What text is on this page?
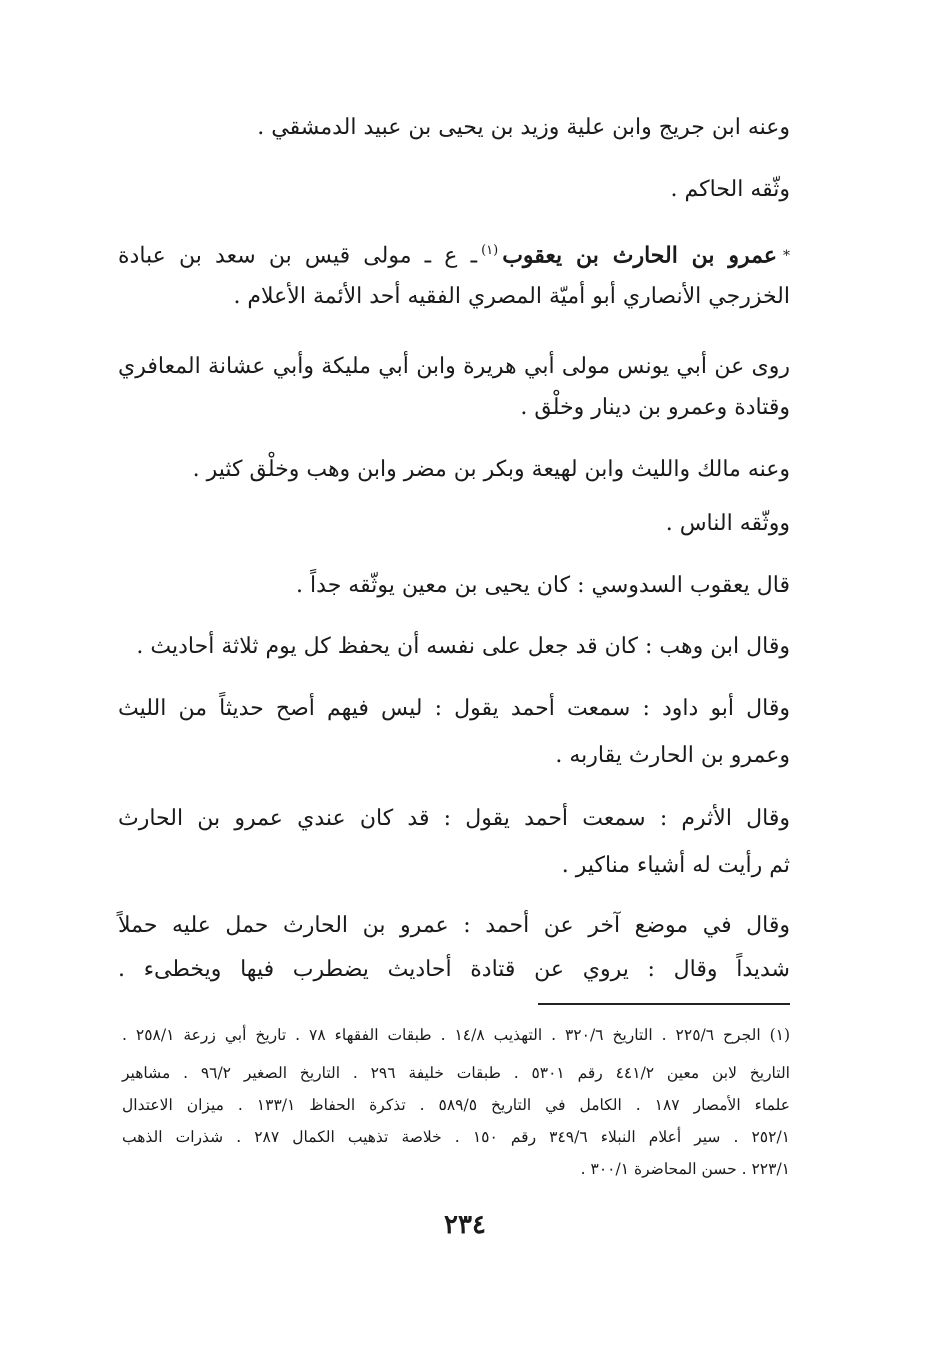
وعنه ابن جريج وابن علية وزيد بن يحيى بن عبيد الدمشقي .
وثّقه الحاكم .
*عمرو بن الحارث بن يعقوب$^{(١)}$ـ ع ـ مولى قيس بن سعد بن عبادة
الخزرجي الأنصاري أبو أميّة المصري الفقيه أحد الأئمة الأعلام .
روى عن أبي يونس مولى أبي هريرة وابن أبي مليكة وأبي عشانة المعافري
وقتادة وعمرو بن دينار وخلْق .
وعنه مالك والليث وابن لهيعة وبكر بن مضر وابن وهب وخلْق كثير .
ووثّقه الناس .
قال يعقوب السدوسي : كان يحيى بن معين يوثّقه جداً .
وقال ابن وهب : كان قد جعل على نفسه أن يحفظ كل يوم ثلاثة أحاديث .
وقال أبو داود : سمعت أحمد يقول : ليس فيهم أصح حديثاً من الليث
وعمرو بن الحارث يقاربه .
وقال الأثرم : سمعت أحمد يقول : قد كان عندي عمرو بن الحارث
ثم رأيت له أشياء مناكير .
وقال في موضع آخر عن أحمد : عمرو بن الحارث حمل عليه حملاً
شديداً وقال : يروي عن قتادة أحاديث يضطرب فيها ويخطىء .
(١) الجرح ٢٢٥/٦ . التاريخ ٣٢٠/٦ . التهذيب ١٤/٨ . طبقات الفقهاء ٧٨ . تاريخ أبي زرعة ٢٥٨/١ .
التاريخ لابن معين ٤٤١/٢ رقم ٥٣٠١ . طبقات خليفة ٢٩٦ . التاريخ الصغير ٩٦/٢ . مشاهير
علماء الأمصار ١٨٧ . الكامل في التاريخ ٥٨٩/٥ . تذكرة الحفاظ ١٣٣/١ . ميزان الاعتدال
٢٥٢/١ . سير أعلام النبلاء ٣٤٩/٦ رقم ١٥٠ . خلاصة تذهيب الكمال ٢٨٧ . شذرات الذهب
٢٢٣/١ . حسن المحاضرة ٣٠٠/١ .
٢٣٤
